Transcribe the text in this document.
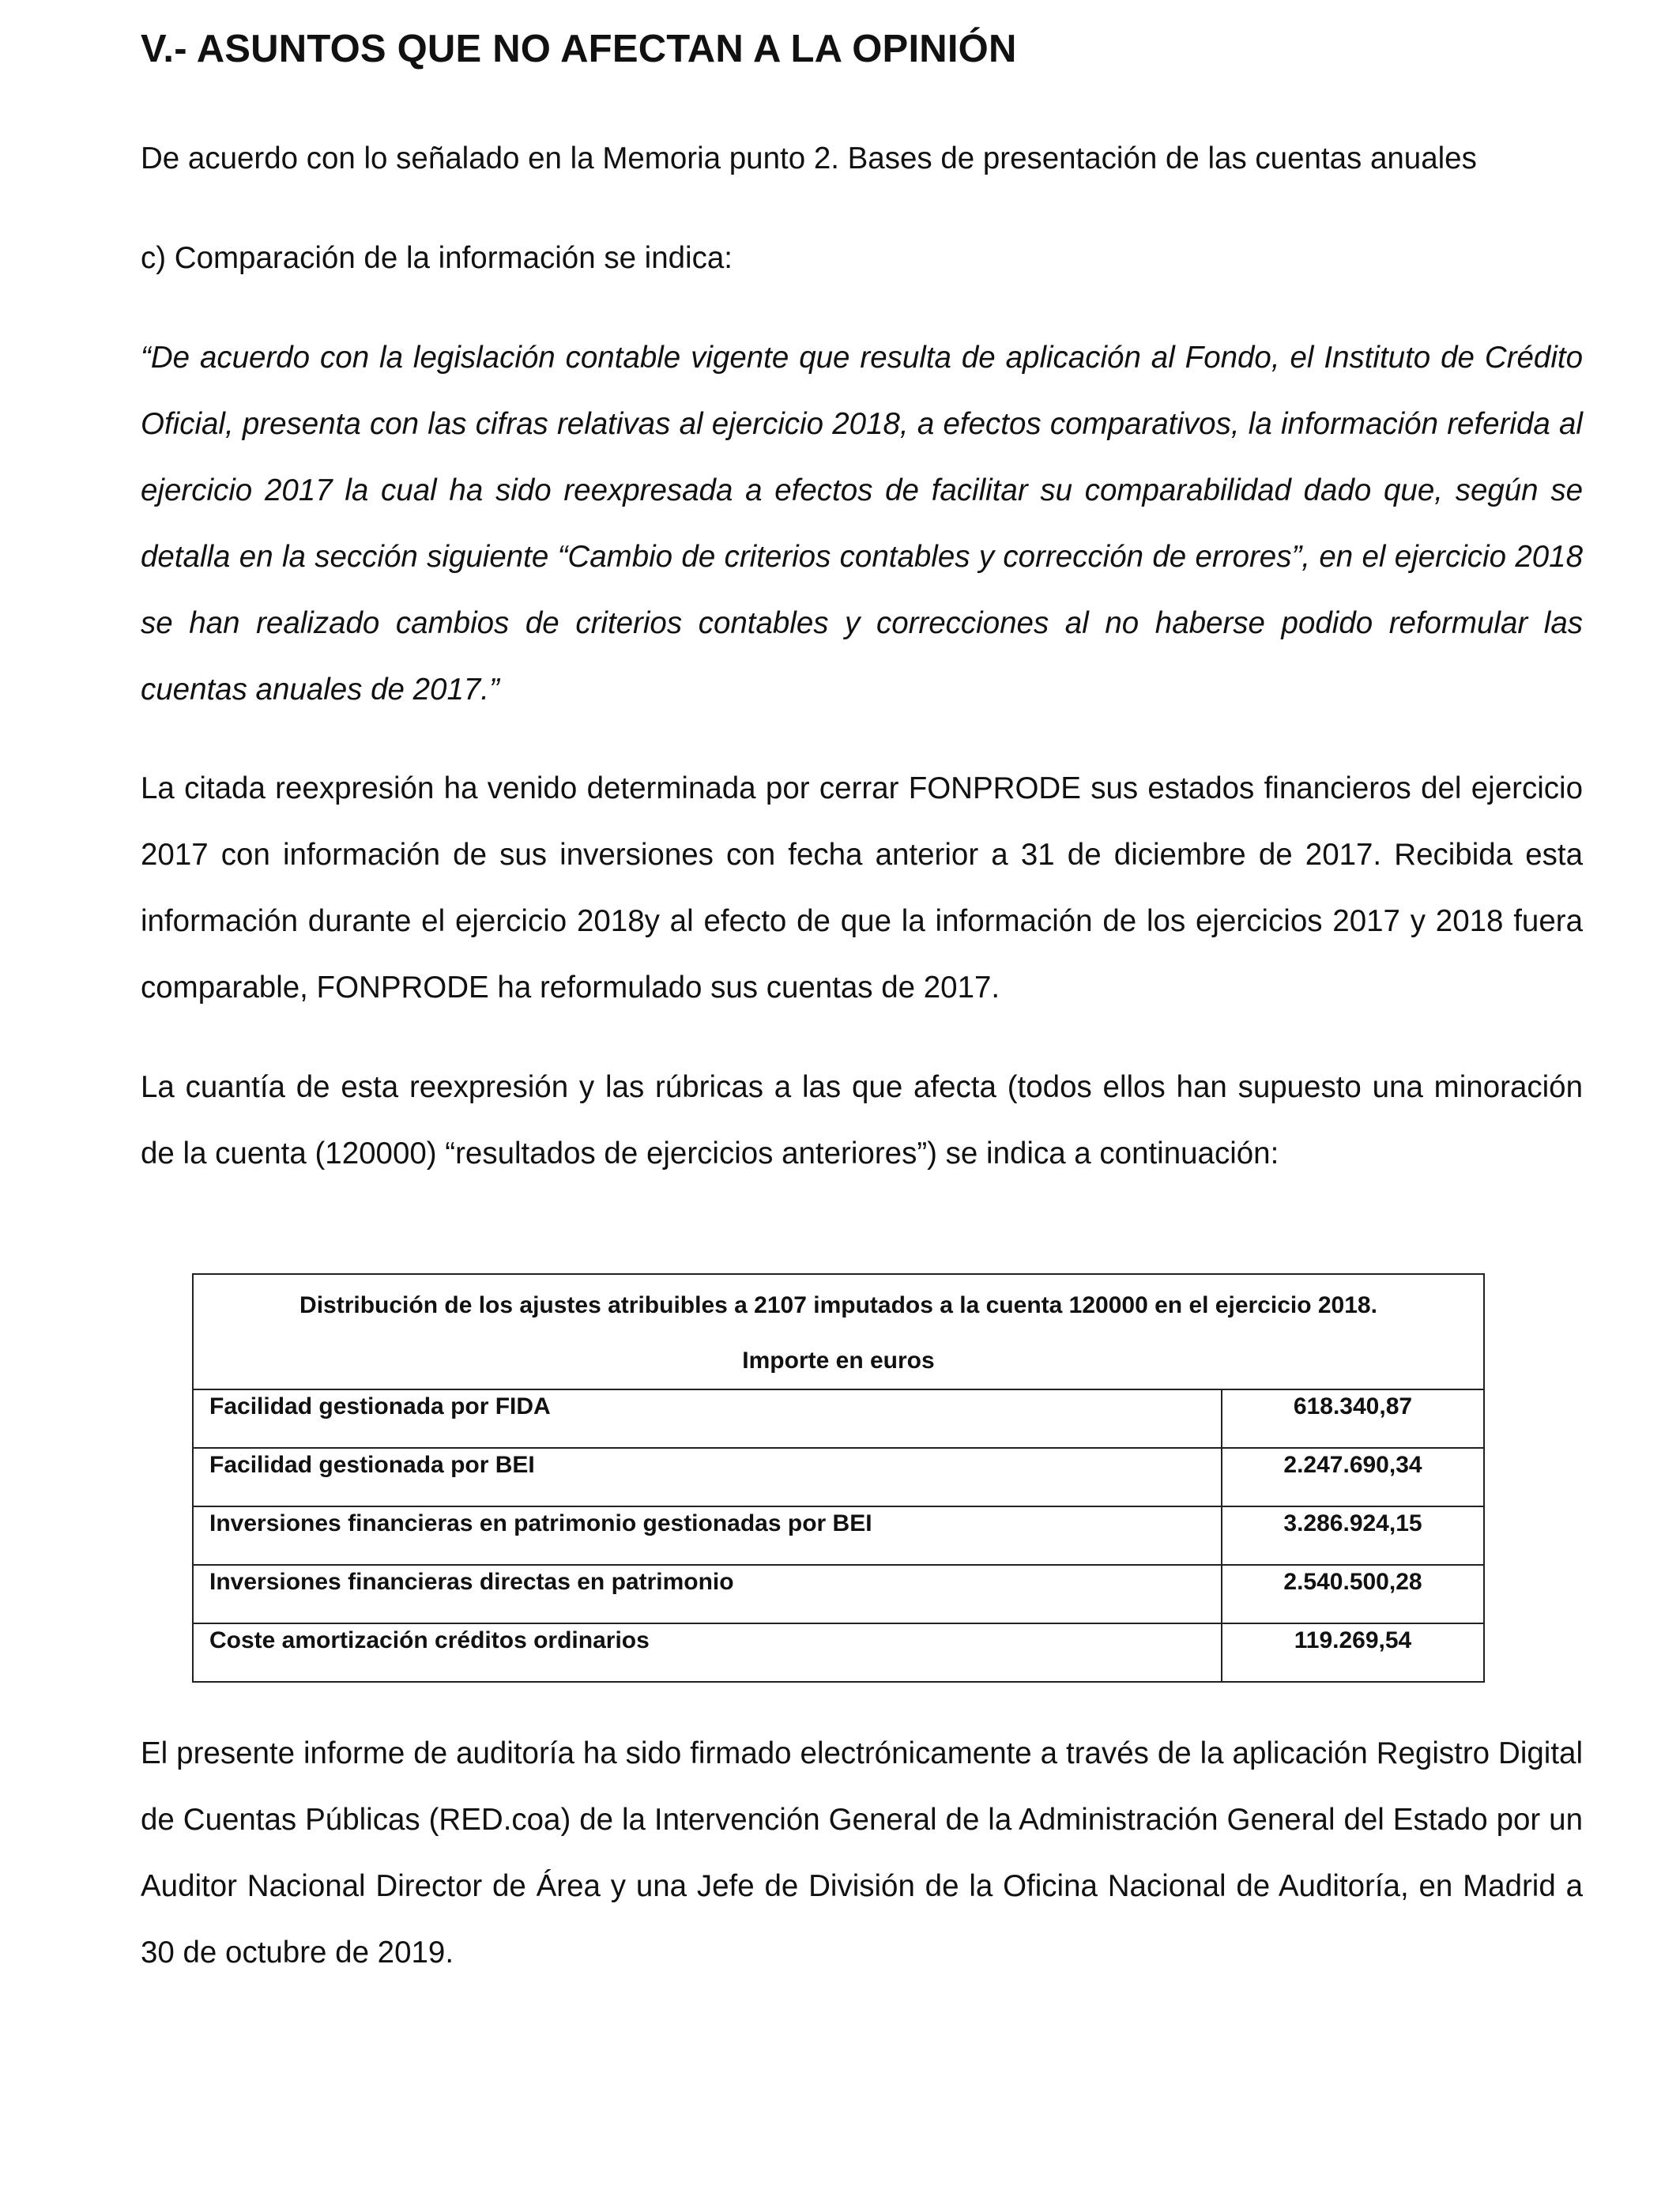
V.- ASUNTOS QUE NO AFECTAN A LA OPINIÓN

De acuerdo con lo señalado en la Memoria punto 2. Bases de presentación de las cuentas anuales

c) Comparación de la información se indica:

“De acuerdo con la legislación contable vigente que resulta de aplicación al Fondo, el Instituto de Crédito Oficial, presenta con las cifras relativas al ejercicio 2018, a efectos comparativos, la información referida al ejercicio 2017 la cual ha sido reexpresada a efectos de facilitar su comparabilidad dado que, según se detalla en la sección siguiente “Cambio de criterios contables y corrección de errores”, en el ejercicio 2018 se han realizado cambios de criterios contables y correcciones al no haberse podido reformular las cuentas anuales de 2017.”

La citada reexpresión ha venido determinada por cerrar FONPRODE sus estados financieros del ejercicio 2017 con información de sus inversiones con fecha anterior a 31 de diciembre de 2017. Recibida esta información durante el ejercicio 2018y al efecto de que la información de los ejercicios 2017 y 2018 fuera comparable, FONPRODE ha reformulado sus cuentas de 2017.

La cuantía de esta reexpresión y las rúbricas a las que afecta (todos ellos han supuesto una minoración de la cuenta (120000) “resultados de ejercicios anteriores”) se indica a continuación:

Distribución de los ajustes atribuibles a 2107 imputados a la cuenta 120000 en el ejercicio 2018.
Importe en euros	

Facilidad gestionada por FIDA	618.340,87
Facilidad gestionada por BEI	2.247.690,34
Inversiones financieras en patrimonio gestionadas por BEI	3.286.924,15
Inversiones financieras directas en patrimonio	2.540.500,28
Coste amortización créditos ordinarios	119.269,54

El presente informe de auditoría ha sido firmado electrónicamente a través de la aplicación Registro Digital de Cuentas Públicas (RED.coa) de la Intervención General de la Administración General del Estado por un Auditor Nacional Director de Área y una Jefe de División de la Oficina Nacional de Auditoría, en Madrid a 30 de octubre de 2019.
